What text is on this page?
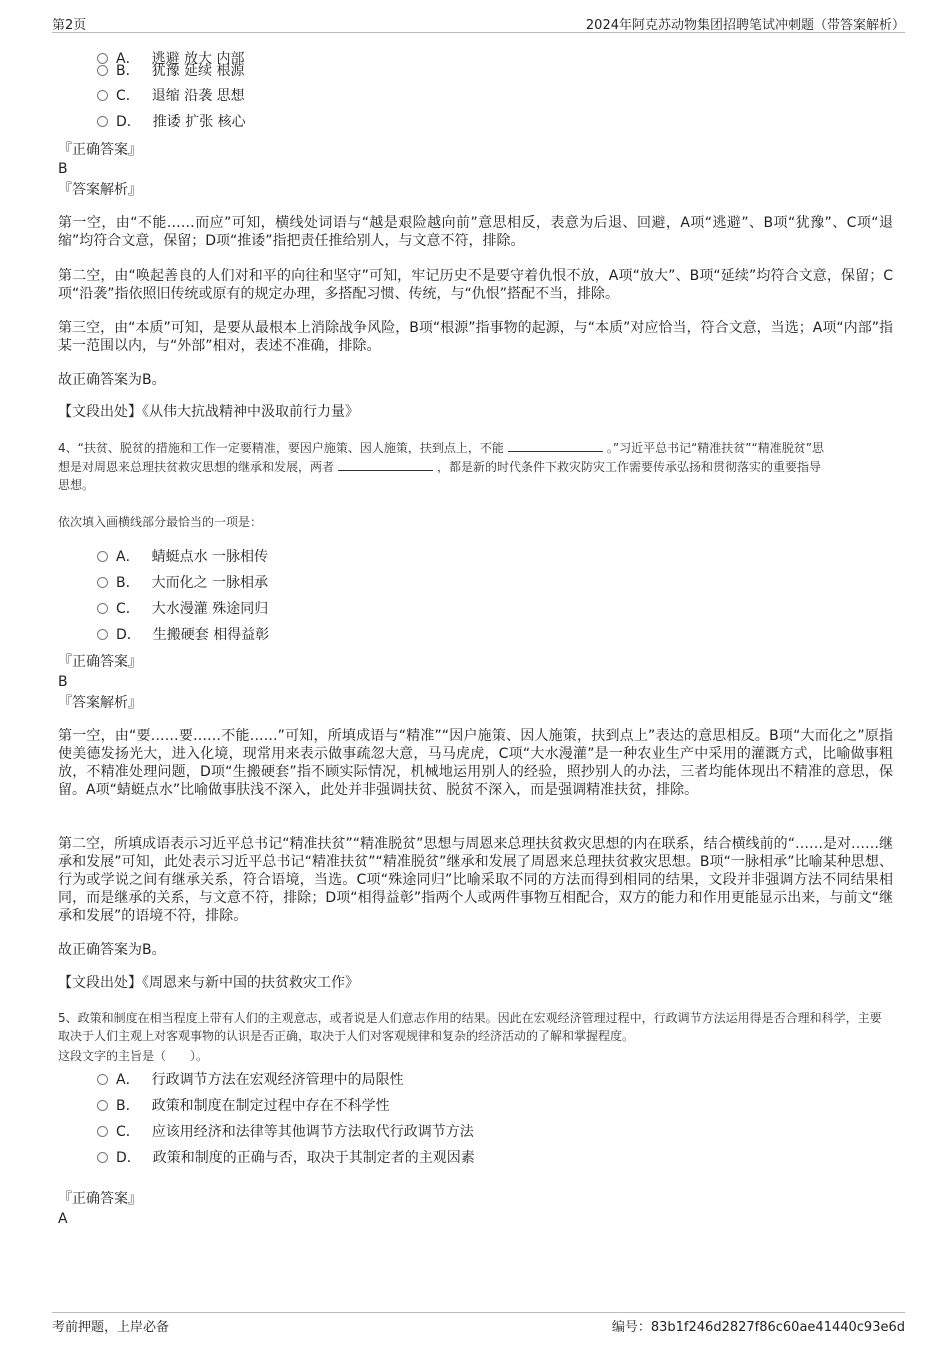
第2页	2024年阿克苏动物集团招聘笔试冲刺题（带答案解析）
A． 逃避 放大 内部
B． 犹豫 延续 根源
C． 退缩 沿袭 思想
D． 推诿 扩张 核心
『正确答案』
B
『答案解析』
第一空，由“不能……而应”可知，横线处词语与“越是艰险越向前”意思相反，表意为后退、回避，A项“逃避”、B项“犹豫”、C项“退缩”均符合文意，保留；D项“推诿”指把责任推给别人，与文意不符，排除。
第二空，由“唤起善良的人们对和平的向往和坚守”可知，牢记历史不是要守着仇恨不放，A项“放大”、B项“延续”均符合文意，保留；C项“沿袭”指依照旧传统或原有的规定办理，多搭配习惯、传统，与“仇恨”搭配不当，排除。
第三空，由“本质”可知，是要从最根本上消除战争风险，B项“根源”指事物的起源，与“本质”对应恰当，符合文意，当选；A项“内部”指某一范围以内，与“外部”相对，表述不准确，排除。
故正确答案为B。
【文段出处】《从伟大抗战精神中汲取前行力量》
4、“扶贫、脱贫的措施和工作一定要精准，要因户施策、因人施策，扶到点上，不能	。”习近平总书记“精准扶贫”“精准脱贫”思
想是对周恩来总理扶贫救灾思想的继承和发展，两者	，都是新的时代条件下救灾防灾工作需要传承弘扬和贯彻落实的重要指导
思想。
依次填入画横线部分最恰当的一项是：
A． 蜻蜓点水 一脉相传
B． 大而化之 一脉相承
C． 大水漫灌 殊途同归
D． 生搬硬套 相得益彰
『正确答案』
B
『答案解析』
第一空，由“要……要……不能……”可知，所填成语与“精准”“因户施策、因人施策，扶到点上”表达的意思相反。B项“大而化之”原指使美德发扬光大，进入化境，现常用来表示做事疏忽大意，马马虎虎，C项“大水漫灌”是一种农业生产中采用的灌溉方式，比喻做事粗放，不精准处理问题，D项“生搬硬套”指不顾实际情况，机械地运用别人的经验，照抄别人的办法，三者均能体现出不精准的意思，保留。A项“蜻蜓点水”比喻做事肤浅不深入，此处并非强调扶贫、脱贫不深入，而是强调精准扶贫，排除。
第二空，所填成语表示习近平总书记“精准扶贫”“精准脱贫”思想与周恩来总理扶贫救灾思想的内在联系，结合横线前的“……是对……继承和发展”可知，此处表示习近平总书记“精准扶贫”“精准脱贫”继承和发展了周恩来总理扶贫救灾思想。B项“一脉相承”比喻某种思想、行为或学说之间有继承关系，符合语境，当选。C项“殊途同归”比喻采取不同的方法而得到相同的结果，文段并非强调方法不同结果相同，而是继承的关系，与文意不符，排除；D项“相得益彰”指两个人或两件事物互相配合，双方的能力和作用更能显示出来，与前文“继承和发展”的语境不符，排除。
故正确答案为B。
【文段出处】《周恩来与新中国的扶贫救灾工作》
5、政策和制度在相当程度上带有人们的主观意志，或者说是人们意志作用的结果。因此在宏观经济管理过程中，行政调节方法运用得是否合理和科学，主要取决于人们主观上对客观事物的认识是否正确，取决于人们对客观规律和复杂的经济活动的了解和掌握程度。
这段文字的主旨是（　　）。
A． 行政调节方法在宏观经济管理中的局限性
B． 政策和制度在制定过程中存在不科学性
C． 应该用经济和法律等其他调节方法取代行政调节方法
D． 政策和制度的正确与否，取决于其制定者的主观因素
『正确答案』
A
考前押题，上岸必备	编号：83b1f246d2827f86c60ae41440c93e6d
